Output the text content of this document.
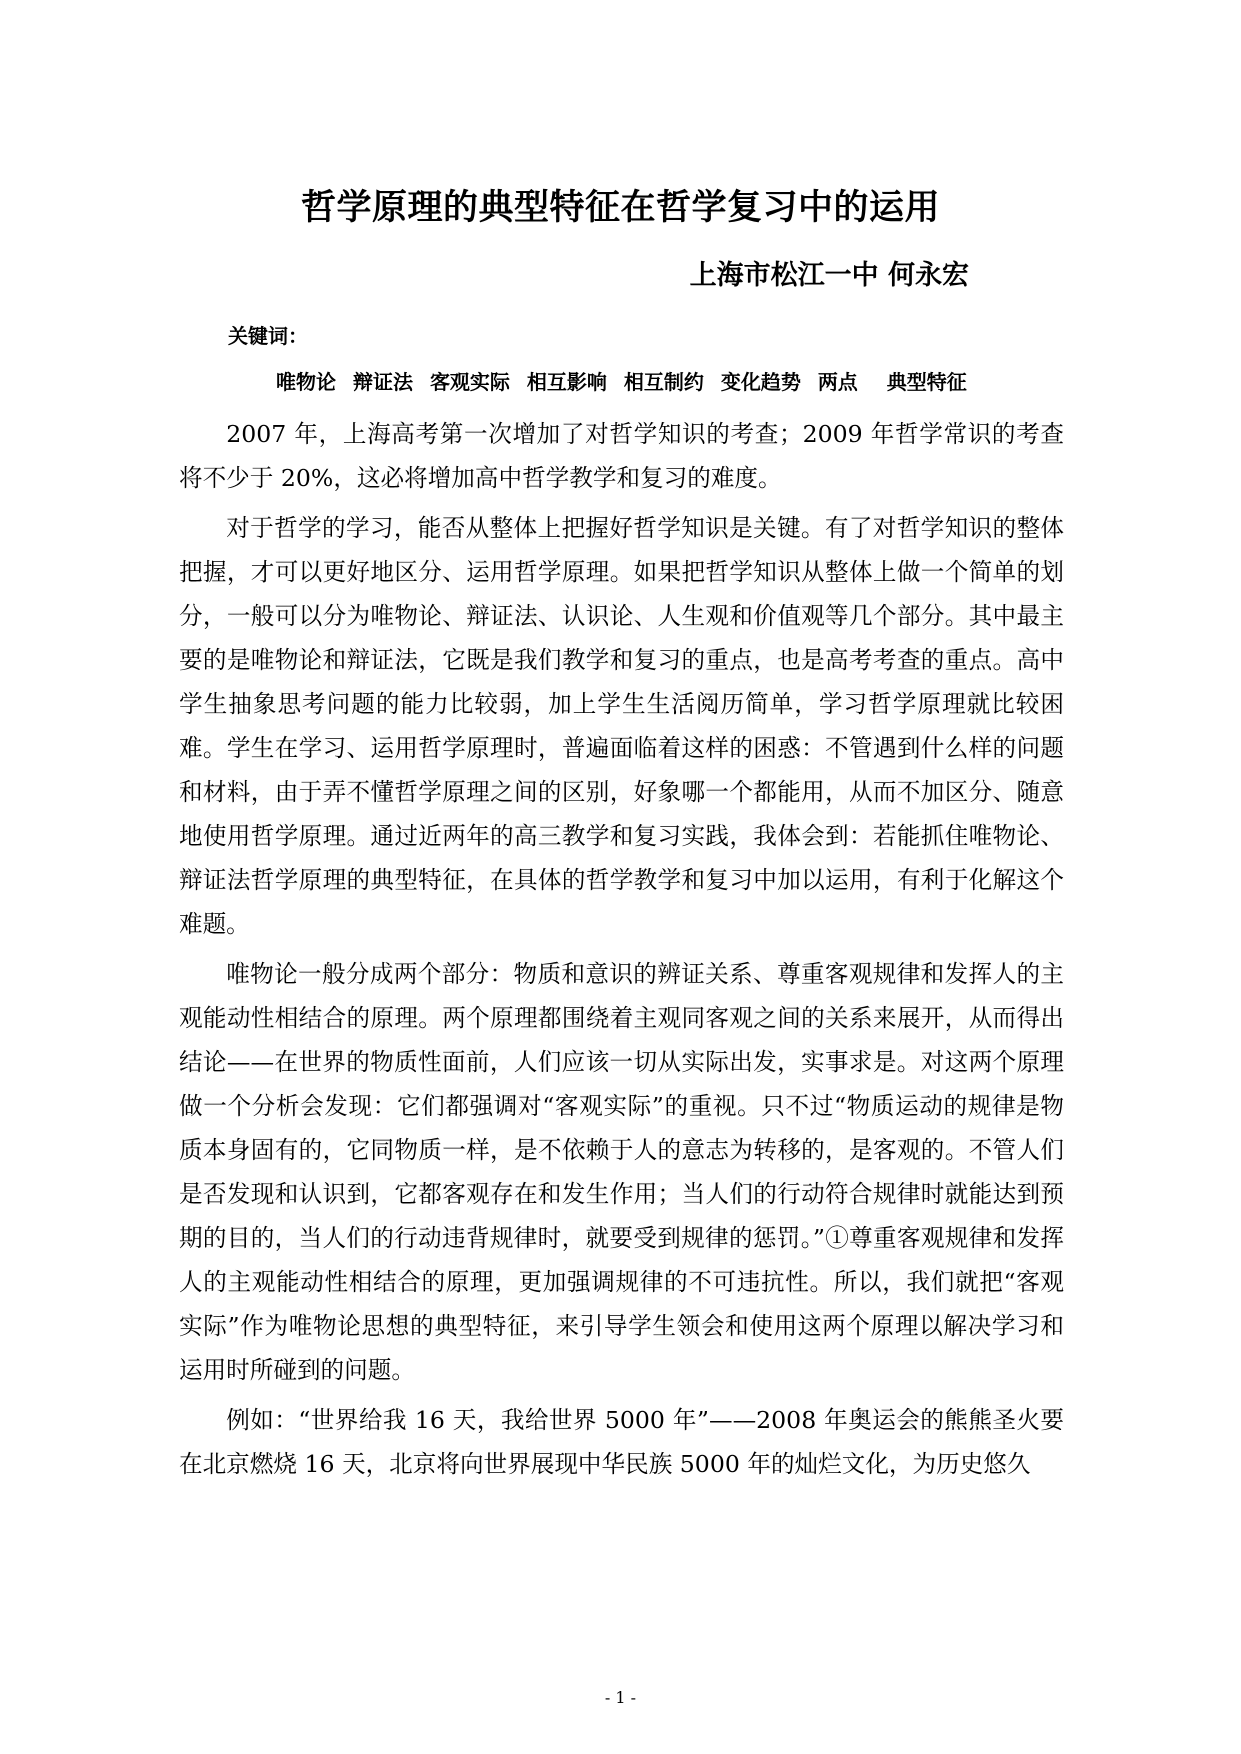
哲学原理的典型特征在哲学复习中的运用
上海市松江一中 何永宏
关键词：
唯物论 辩证法 客观实际 相互影响 相互制约 变化趋势 两点 典型特征

2007 年，上海高考第一次增加了对哲学知识的考查；2009 年哲学常识的考查将不少于 20%，这必将增加高中哲学教学和复习的难度。

对于哲学的学习，能否从整体上把握好哲学知识是关键。有了对哲学知识的整体把握，才可以更好地区分、运用哲学原理。如果把哲学知识从整体上做一个简单的划分，一般可以分为唯物论、辩证法、认识论、人生观和价值观等几个部分。其中最主要的是唯物论和辩证法，它既是我们教学和复习的重点，也是高考考查的重点。高中学生抽象思考问题的能力比较弱，加上学生生活阅历简单，学习哲学原理就比较困难。学生在学习、运用哲学原理时，普遍面临着这样的困惑：不管遇到什么样的问题和材料，由于弄不懂哲学原理之间的区别，好象哪一个都能用，从而不加区分、随意地使用哲学原理。通过近两年的高三教学和复习实践，我体会到：若能抓住唯物论、辩证法哲学原理的典型特征，在具体的哲学教学和复习中加以运用，有利于化解这个难题。

唯物论一般分成两个部分：物质和意识的辨证关系、尊重客观规律和发挥人的主观能动性相结合的原理。两个原理都围绕着主观同客观之间的关系来展开，从而得出结论——在世界的物质性面前，人们应该一切从实际出发，实事求是。对这两个原理做一个分析会发现：它们都强调对“客观实际”的重视。只不过“物质运动的规律是物质本身固有的，它同物质一样，是不依赖于人的意志为转移的，是客观的。不管人们是否发现和认识到，它都客观存在和发生作用；当人们的行动符合规律时就能达到预期的目的，当人们的行动违背规律时，就要受到规律的惩罚。”①尊重客观规律和发挥人的主观能动性相结合的原理，更加强调规律的不可违抗性。所以，我们就把“客观实际”作为唯物论思想的典型特征，来引导学生领会和使用这两个原理以解决学习和运用时所碰到的问题。

例如：“世界给我 16 天，我给世界 5000 年”——2008 年奥运会的熊熊圣火要在北京燃烧 16 天，北京将向世界展现中华民族 5000 年的灿烂文化，为历史悠久

- 1 -
